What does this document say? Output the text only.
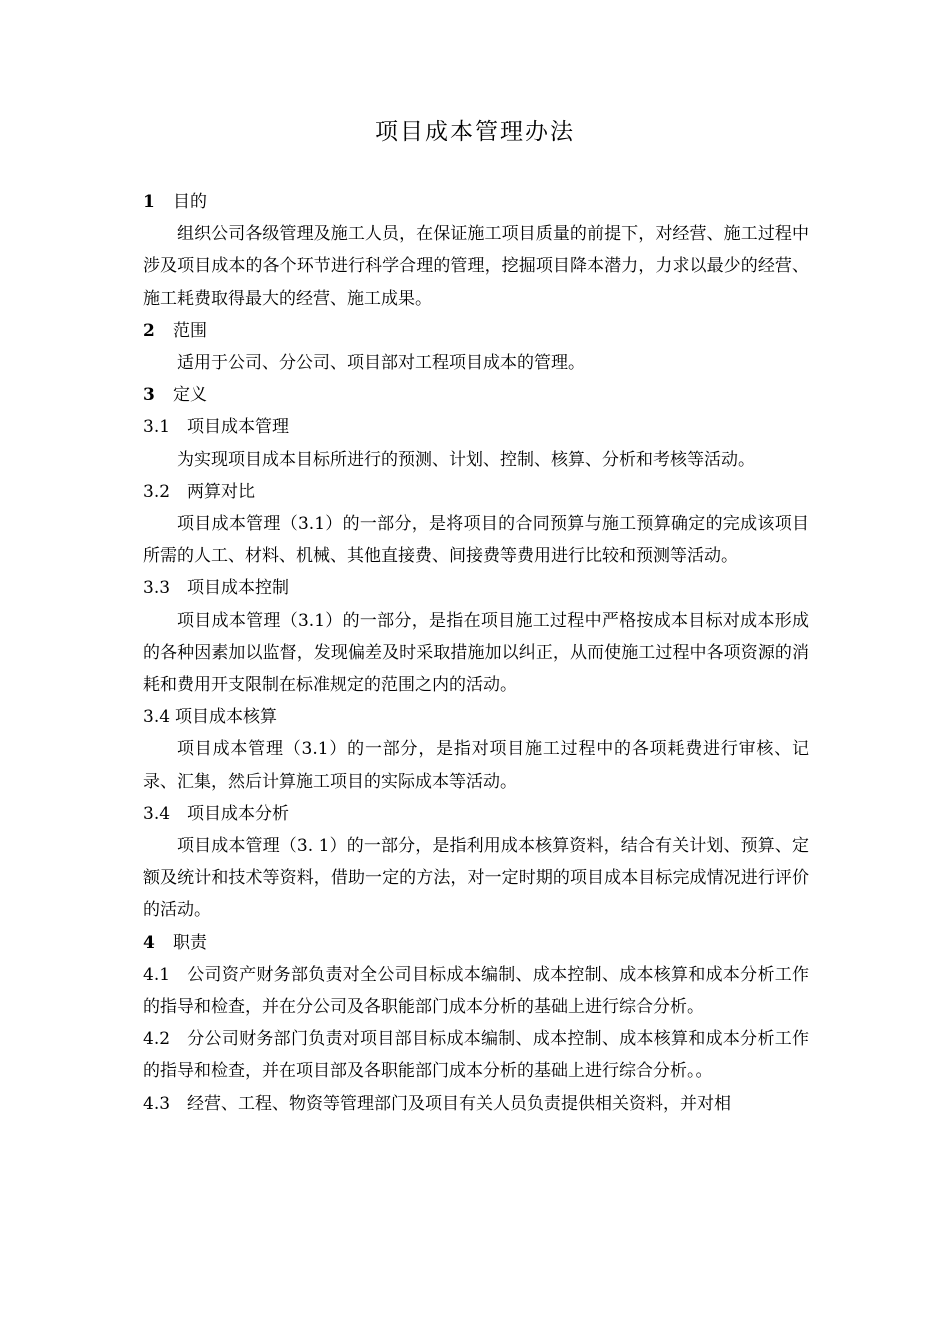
项目成本管理办法

1 目的

组织公司各级管理及施工人员，在保证施工项目质量的前提下，对经营、施工过程中涉及项目成本的各个环节进行科学合理的管理，挖掘项目降本潜力，力求以最少的经营、施工耗费取得最大的经营、施工成果。

2 范围

适用于公司、分公司、项目部对工程项目成本的管理。

3 定义

3.1 项目成本管理

为实现项目成本目标所进行的预测、计划、控制、核算、分析和考核等活动。

3.2 两算对比

项目成本管理（3.1）的一部分，是将项目的合同预算与施工预算确定的完成该项目所需的人工、材料、机械、其他直接费、间接费等费用进行比较和预测等活动。

3.3 项目成本控制

项目成本管理（3.1）的一部分，是指在项目施工过程中严格按成本目标对成本形成的各种因素加以监督，发现偏差及时采取措施加以纠正，从而使施工过程中各项资源的消耗和费用开支限制在标准规定的范围之内的活动。

3.4 项目成本核算

项目成本管理（3.1）的一部分，是指对项目施工过程中的各项耗费进行审核、记录、汇集，然后计算施工项目的实际成本等活动。

3.4 项目成本分析

项目成本管理（3. 1）的一部分，是指利用成本核算资料，结合有关计划、预算、定额及统计和技术等资料，借助一定的方法，对一定时期的项目成本目标完成情况进行评价的活动。

4 职责

4.1 公司资产财务部负责对全公司目标成本编制、成本控制、成本核算和成本分析工作的指导和检查，并在分公司及各职能部门成本分析的基础上进行综合分析。

4.2 分公司财务部门负责对项目部目标成本编制、成本控制、成本核算和成本分析工作的指导和检查，并在项目部及各职能部门成本分析的基础上进行综合分析。。

4.3 经营、工程、物资等管理部门及项目有关人员负责提供相关资料，并对相
